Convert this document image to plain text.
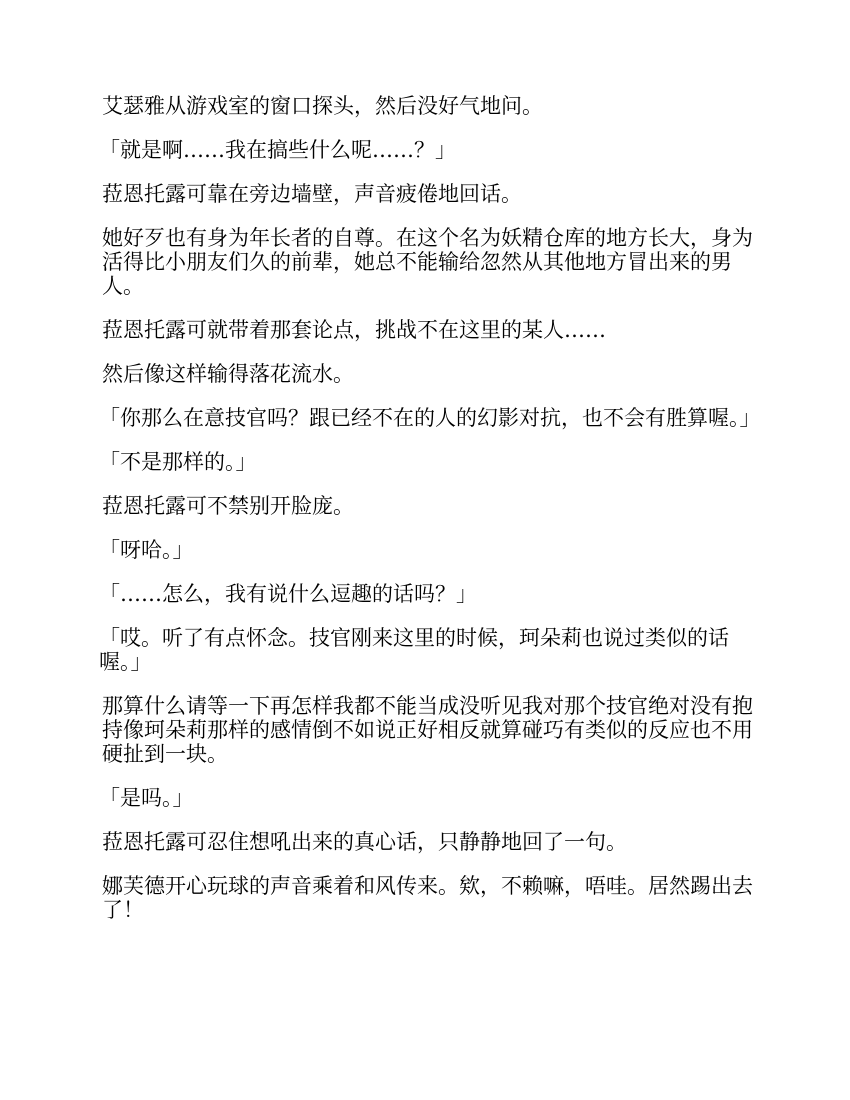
艾瑟雅从游戏室的窗口探头，然后没好气地问。

「就是啊……我在搞些什么呢……？」

菈恩托露可靠在旁边墙壁，声音疲倦地回话。

她好歹也有身为年长者的自尊。在这个名为妖精仓库的地方长大，身为活得比小朋友们久的前辈，她总不能输给忽然从其他地方冒出来的男人。

菈恩托露可就带着那套论点，挑战不在这里的某人……

然后像这样输得落花流水。

「你那么在意技官吗？跟已经不在的人的幻影对抗，也不会有胜算喔。」

「不是那样的。」

菈恩托露可不禁别开脸庞。

「呀哈。」

「……怎么，我有说什么逗趣的话吗？」

「哎。听了有点怀念。技官刚来这里的时候，珂朵莉也说过类似的话喔。」

那算什么请等一下再怎样我都不能当成没听见我对那个技官绝对没有抱持像珂朵莉那样的感情倒不如说正好相反就算碰巧有类似的反应也不用硬扯到一块。

「是吗。」

菈恩托露可忍住想吼出来的真心话，只静静地回了一句。

娜芙德开心玩球的声音乘着和风传来。欸，不赖嘛，唔哇。居然踢出去了！
